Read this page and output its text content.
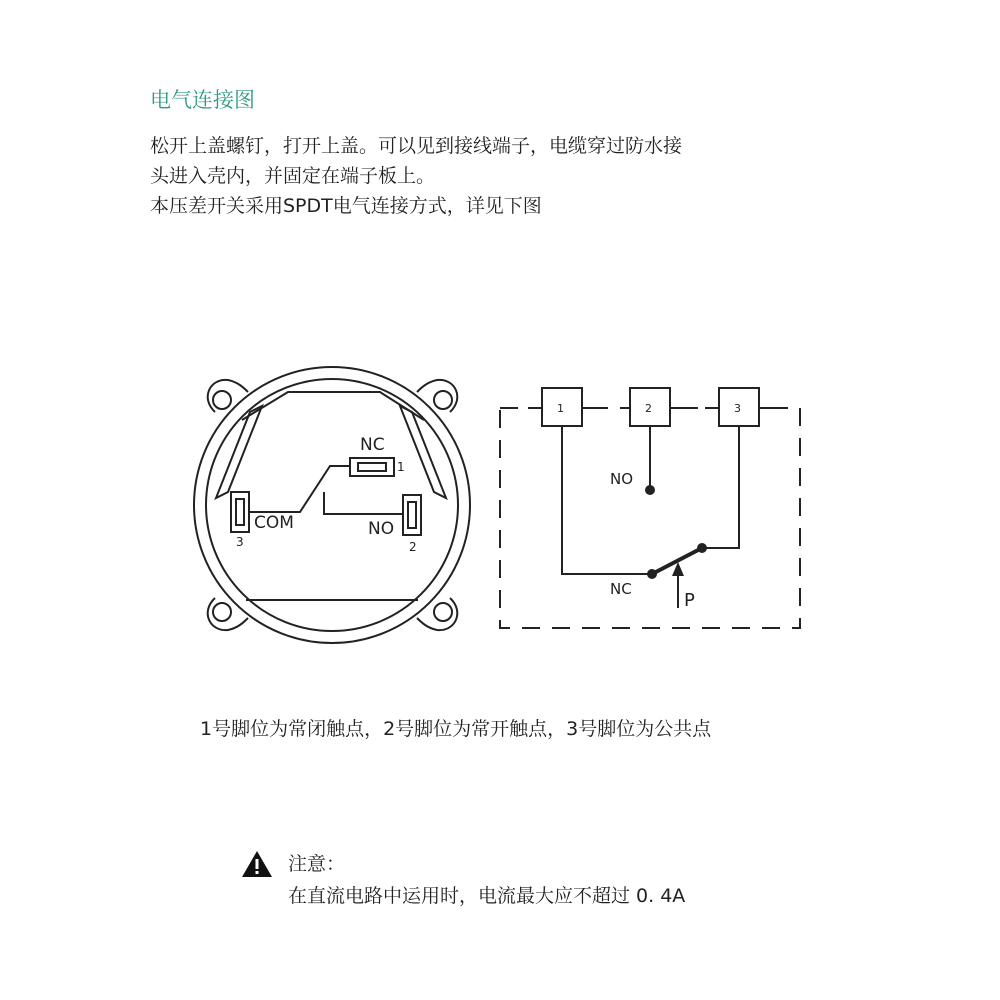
电气连接图
松开上盖螺钉，打开上盖。可以见到接线端子，电缆穿过防水接
头进入壳内，并固定在端子板上。
本压差开关采用SPDT电气连接方式，详见下图
NC
1
COM	NO
3	2
1	2	3
NO
NC
P
1号脚位为常闭触点，2号脚位为常开触点，3号脚位为公共点
注意：
在直流电路中运用时，电流最大应不超过 0. 4A
